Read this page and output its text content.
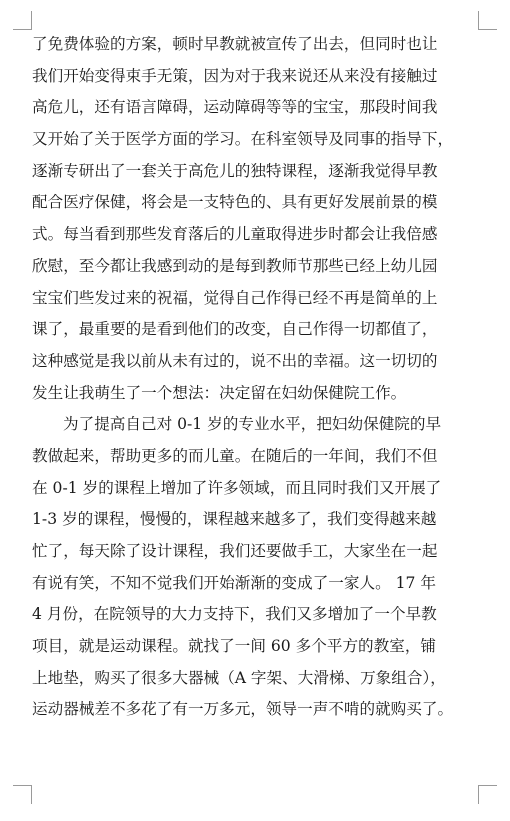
了免费体验的方案，顿时早教就被宣传了出去，但同时也让
我们开始变得束手无策，因为对于我来说还从来没有接触过
高危儿，还有语言障碍，运动障碍等等的宝宝，那段时间我
又开始了关于医学方面的学习。在科室领导及同事的指导下，
逐渐专研出了一套关于高危儿的独特课程，逐渐我觉得早教
配合医疗保健，将会是一支特色的、具有更好发展前景的模
式。每当看到那些发育落后的儿童取得进步时都会让我倍感
欣慰，至今都让我感到动的是每到教师节那些已经上幼儿园
宝宝们些发过来的祝福，觉得自己作得已经不再是简单的上
课了，最重要的是看到他们的改变，自己作得一切都值了，
这种感觉是我以前从未有过的，说不出的幸福。这一切切的
发生让我萌生了一个想法：决定留在妇幼保健院工作。
为了提高自己对 0-1 岁的专业水平，把妇幼保健院的早
教做起来，帮助更多的而儿童。在随后的一年间，我们不但
在 0-1 岁的课程上增加了许多领域，而且同时我们又开展了
1-3 岁的课程，慢慢的，课程越来越多了，我们变得越来越
忙了，每天除了设计课程，我们还要做手工，大家坐在一起
有说有笑，不知不觉我们开始渐渐的变成了一家人。 17 年
4 月份，在院领导的大力支持下，我们又多增加了一个早教
项目，就是运动课程。就找了一间 60 多个平方的教室，铺
上地垫，购买了很多大器械（A 字架、大滑梯、万象组合），
运动器械差不多花了有一万多元，领导一声不啃的就购买了。
